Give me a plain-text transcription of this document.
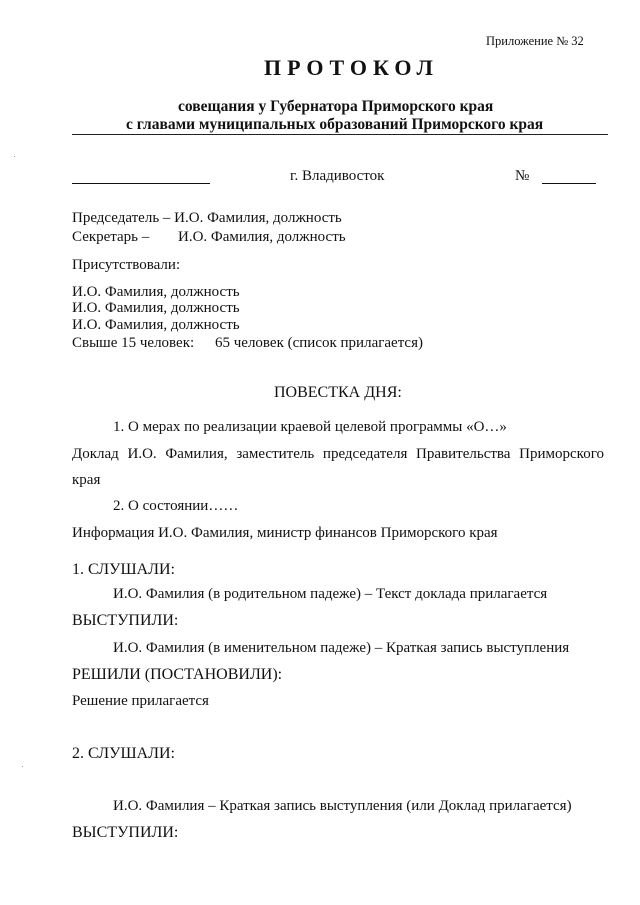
Приложение № 32
ПРОТОКОЛ
совещания у Губернатора Приморского края
с главами муниципальных образований Приморского края
г. Владивосток	№
Председатель – И.О. Фамилия, должность
Секретарь – И.О. Фамилия, должность
Присутствовали:
И.О. Фамилия, должность
И.О. Фамилия, должность
И.О. Фамилия, должность
Свыше 15 человек: 65 человек (список прилагается)
ПОВЕСТКА ДНЯ:
1. О мерах по реализации краевой целевой программы «О…»
Доклад И.О. Фамилия, заместитель председателя Правительства Приморского
края
2. О состоянии……
Информация И.О. Фамилия, министр финансов Приморского края
1. СЛУШАЛИ:
И.О. Фамилия (в родительном падеже) – Текст доклада прилагается
ВЫСТУПИЛИ:
И.О. Фамилия (в именительном падеже) – Краткая запись выступления
РЕШИЛИ (ПОСТАНОВИЛИ):
Решение прилагается
2. СЛУШАЛИ:
И.О. Фамилия – Краткая запись выступления (или Доклад прилагается)
ВЫСТУПИЛИ:
